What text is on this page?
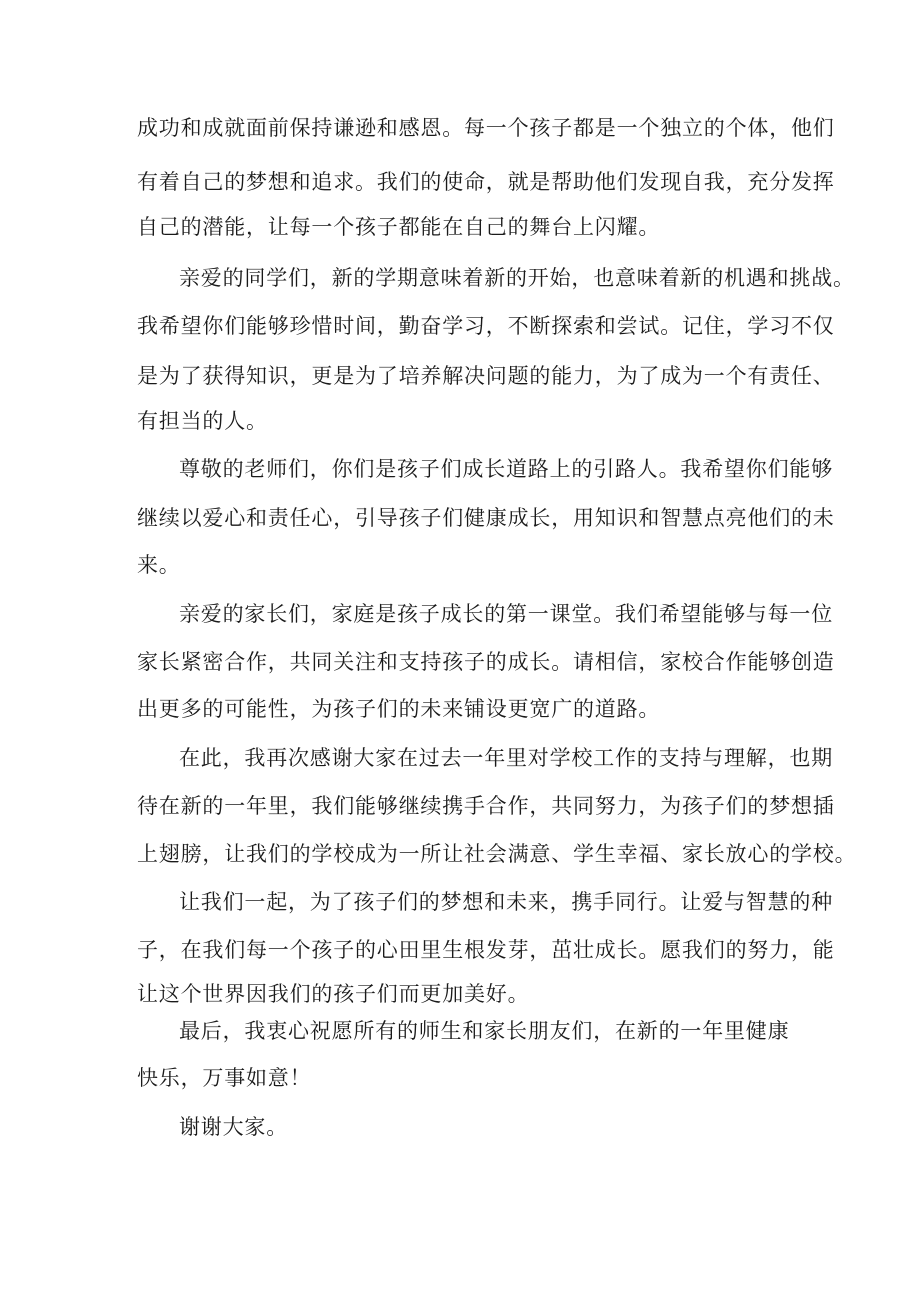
成功和成就面前保持谦逊和感恩。每一个孩子都是一个独立的个体，他们

有着自己的梦想和追求。我们的使命，就是帮助他们发现自我，充分发挥

自己的潜能，让每一个孩子都能在自己的舞台上闪耀。

亲爱的同学们，新的学期意味着新的开始，也意味着新的机遇和挑战。

我希望你们能够珍惜时间，勤奋学习，不断探索和尝试。记住，学习不仅

是为了获得知识，更是为了培养解决问题的能力，为了成为一个有责任、

有担当的人。

尊敬的老师们，你们是孩子们成长道路上的引路人。我希望你们能够

继续以爱心和责任心，引导孩子们健康成长，用知识和智慧点亮他们的未

来。

亲爱的家长们，家庭是孩子成长的第一课堂。我们希望能够与每一位

家长紧密合作，共同关注和支持孩子的成长。请相信，家校合作能够创造

出更多的可能性，为孩子们的未来铺设更宽广的道路。

在此，我再次感谢大家在过去一年里对学校工作的支持与理解，也期

待在新的一年里，我们能够继续携手合作，共同努力，为孩子们的梦想插

上翅膀，让我们的学校成为一所让社会满意、学生幸福、家长放心的学校。

让我们一起，为了孩子们的梦想和未来，携手同行。让爱与智慧的种

子，在我们每一个孩子的心田里生根发芽，茁壮成长。愿我们的努力，能

让这个世界因我们的孩子们而更加美好。

最后，我衷心祝愿所有的师生和家长朋友们，在新的一年里健康

快乐，万事如意！

谢谢大家。
